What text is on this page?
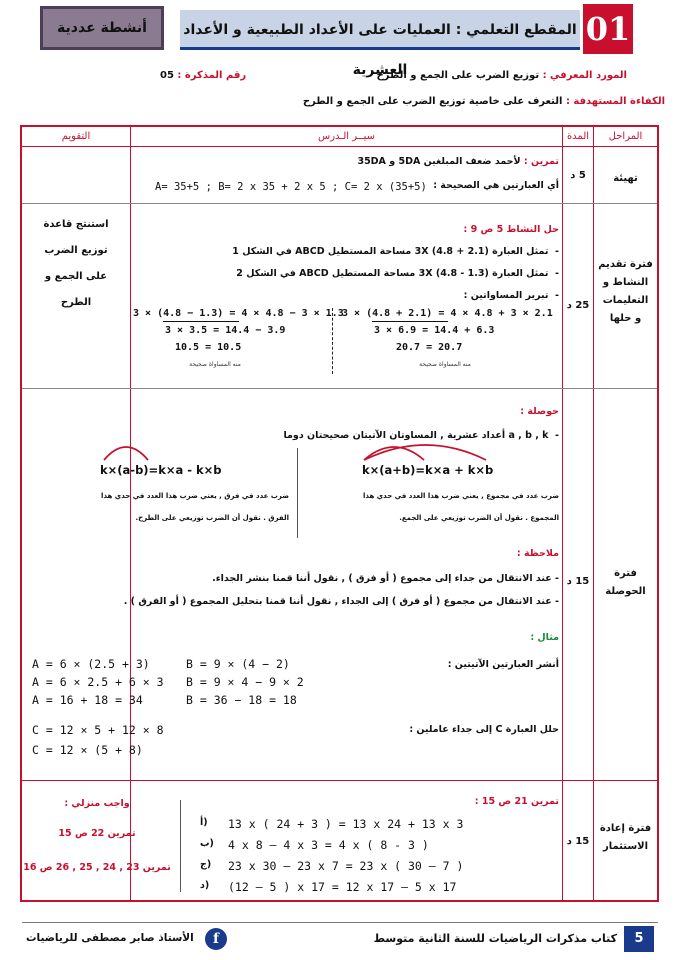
01
المقطع التعلمي : العمليات على الأعداد الطبيعية و الأعداد العشرية
أنشطة عددية
المورد المعرفي : توزيع الضرب على الجمع و الطرح
رقم المذكرة : 05
الكفاءة المستهدفة : التعرف على خاصية توزيع الضرب على الجمع و الطرح
المراحل
المدة
سيــر الـدرس
التقويم
تهيئة
5 د
تمرين : لأحمد ضعف المبلغين 5DA و 35DA
أي العبارتين هي الصحيحة :
A= 35+5 ; B= 2 x 35 + 2 x 5 ; C= 2 x (35+5)
فترة تقديم
النشاط و
التعليمات
و حلها
25 د
استنتج قاعدة
توزيع الضرب
على الجمع و
الطرح
حل النشاط 5 ص 9 :
-  تمثل العبارة (2.1 + 4.8) 3X مساحة المستطيل ABCD في الشكل 1
-  تمثل العبارة (1.3 - 4.8) 3X مساحة المستطيل ABCD في الشكل 2
-  تبرير المساواتين :
3 × (4.8 + 2.1) = 4 × 4.8 + 3 × 2.1
3 × 6.9 = 14.4 + 6.3
20.7 = 20.7
منه المساواة صحيحة
3 × (4.8 − 1.3) = 4 × 4.8 − 3 × 1.3
3 × 3.5 = 14.4 − 3.9
10.5 = 10.5
منه المساواة صحيحة
فترة
الحوصلة
15 د
حوصلة :
-  a , b , k أعداد عشرية , المساوتان الآتيتان صحيحتان دوما
k×(a+b)=k×a + k×b
k×(a-b)=k×a - k×b
ضرب عدد في مجموع , يعني ضرب هذا العدد في حدي هذا
المجموع . نقول أن الضرب توزيعي على الجمع.
ضرب عدد في فرق , يعني ضرب هذا العدد في حدي هذا
الفرق . نقول أن الضرب توزيعي على الطرح.
ملاحظة :
- عند الانتقال من جداء إلى مجموع ( أو فرق ) , نقول أننا قمنا بنشر الجداء.
- عند الانتقال من مجموع ( أو فرق ) إلى الجداء , نقول أننا قمنا بتحليل المجموع ( أو الفرق ) .
مثال :
أنشر العبارتين الآتيتين :
حلل العبارة C إلى جداء عاملين :
A = 6 × (2.5 + 3)
A = 6 × 2.5 + 6 × 3
A = 16 + 18 = 34
B = 9 × (4 − 2)
B = 9 × 4 − 9 × 2
B = 36 − 18 = 18
C = 12 × 5 + 12 × 8
C = 12 × (5 + 8)
فترة إعادة
الاستثمار
15 د
تمرين 21 ص 15 :
أ) 13 x ( 24 + 3 ) = 13 x 24 + 13 x 3
ب) 4 x 8 – 4 x 3 = 4 x ( 8 - 3 )
ج) 23 x 30 – 23 x 7 = 23 x ( 30 – 7 )
د) (12 – 5 ) x 17 = 12 x 17 – 5 x 17
واجب منزلي :
تمرين 22 ص 15
تمرين 23 , 24 , 25 , 26 ص 16
5
كتاب مذكرات الرياضيات للسنة الثانية متوسط
f
الأستاذ صابر مصطفى للرياضيات
